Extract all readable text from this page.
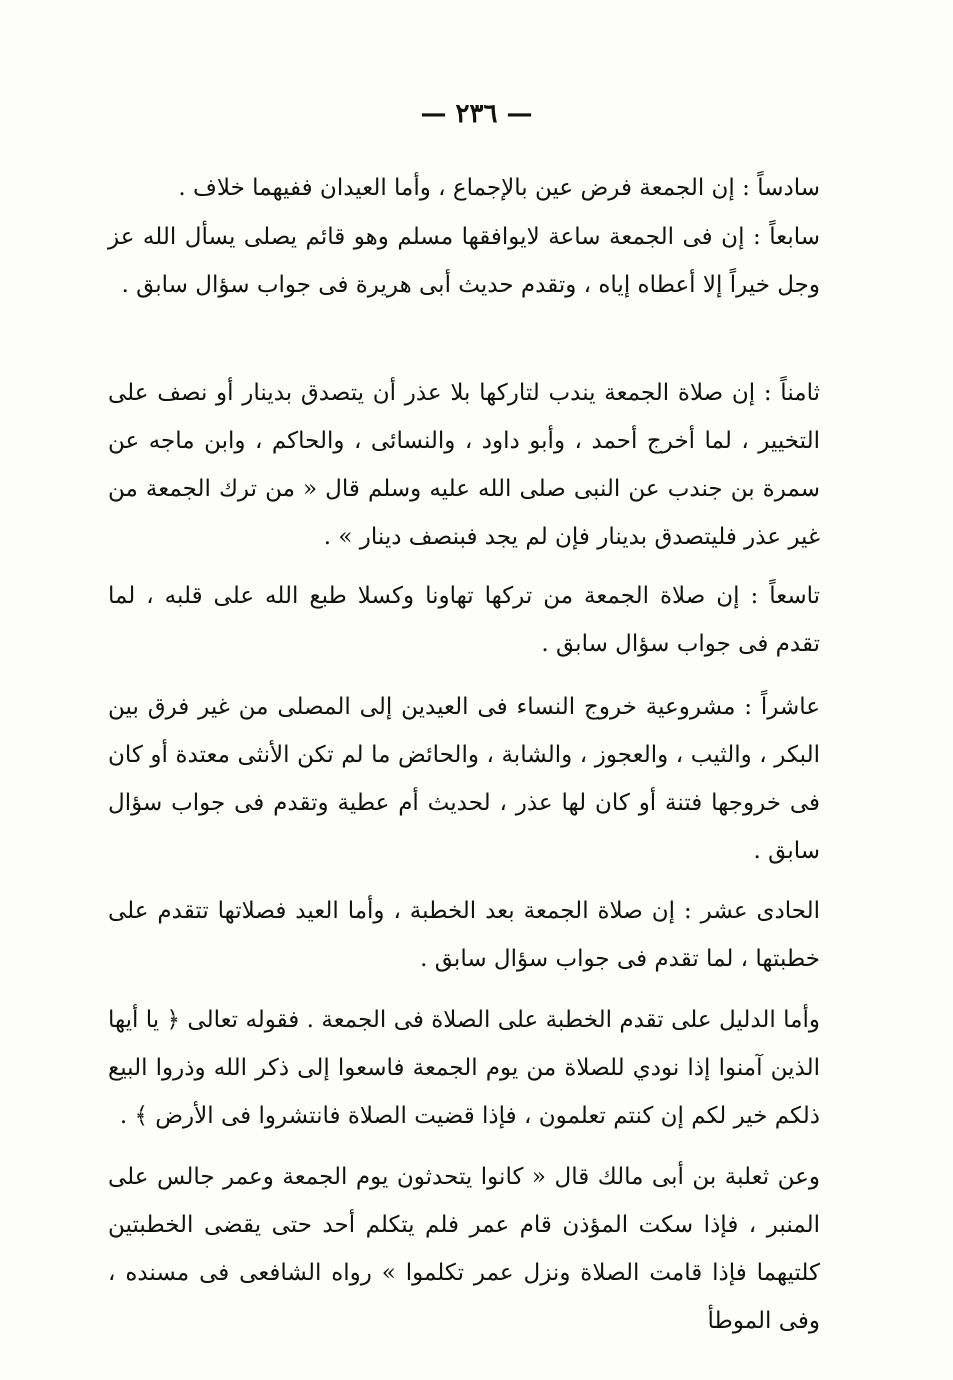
— ٢٣٦ —

سادساً : إن الجمعة فرض عين بالإجماع ، وأما العيدان ففيهما خلاف .

سابعاً : إن فى الجمعة ساعة لايوافقها مسلم وهو قائم يصلى يسأل الله عز وجل خيراً إلا أعطاه إياه ، وتقدم حديث أبى هريرة فى جواب سؤال سابق .

ثامناً : إن صلاة الجمعة يندب لتاركها بلا عذر أن يتصدق بدينار أو نصف على التخيير ، لما أخرج أحمد ، وأبو داود ، والنسائى ، والحاكم ، وابن ماجه عن سمرة بن جندب عن النبى صلى الله عليه وسلم قال « من ترك الجمعة من غير عذر فليتصدق بدينار فإن لم يجد فبنصف دينار » .

تاسعاً : إن صلاة الجمعة من تركها تهاونا وكسلا طبع الله على قلبه ، لما تقدم فى جواب سؤال سابق .

عاشراً : مشروعية خروج النساء فى العيدين إلى المصلى من غير فرق بين البكر ، والثيب ، والعجوز ، والشابة ، والحائض ما لم تكن الأنثى معتدة أو كان فى خروجها فتنة أو كان لها عذر ، لحديث أم عطية وتقدم فى جواب سؤال سابق .

الحادى عشر : إن صلاة الجمعة بعد الخطبة ، وأما العيد فصلاتها تتقدم على خطبتها ، لما تقدم فى جواب سؤال سابق .

وأما الدليل على تقدم الخطبة على الصلاة فى الجمعة . فقوله تعالى ﴿ يا أيها الذين آمنوا إذا نودي للصلاة من يوم الجمعة فاسعوا إلى ذكر الله وذروا البيع ذلكم خير لكم إن كنتم تعلمون ، فإذا قضيت الصلاة فانتشروا فى الأرض ﴾ .

وعن ثعلبة بن أبى مالك قال « كانوا يتحدثون يوم الجمعة وعمر جالس على المنبر ، فإذا سكت المؤذن قام عمر فلم يتكلم أحد حتى يقضى الخطبتين كلتيهما فإذا قامت الصلاة ونزل عمر تكلموا » رواه الشافعى فى مسنده ، وفى الموطأ
